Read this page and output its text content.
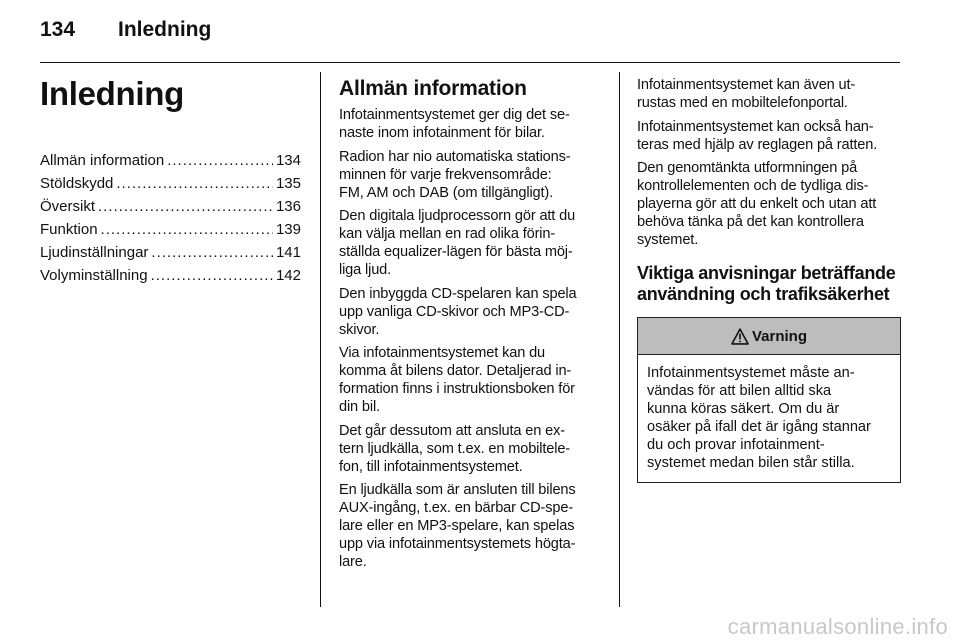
134 Inledning
Inledning
Allmän information .....	134
Stöldskydd .....	135
Översikt .....	136
Funktion .....	139
Ljudinställningar .....	141
Volyminställning .....	142
Allmän information
Infotainmentsystemet ger dig det se-
naste inom infotainment för bilar.
Radion har nio automatiska stations-
minnen för varje frekvensområde:
FM, AM och DAB (om tillgängligt).
Den digitala ljudprocessorn gör att du
kan välja mellan en rad olika förin-
ställda equalizer-lägen för bästa möj-
liga ljud.
Den inbyggda CD-spelaren kan spela
upp vanliga CD-skivor och MP3-CD-
skivor.
Via infotainmentsystemet kan du
komma åt bilens dator. Detaljerad in-
formation finns i instruktionsboken för
din bil.
Det går dessutom att ansluta en ex-
tern ljudkälla, som t.ex. en mobiltele-
fon, till infotainmentsystemet.
En ljudkälla som är ansluten till bilens
AUX-ingång, t.ex. en bärbar CD-spe-
lare eller en MP3-spelare, kan spelas
upp via infotainmentsystemets högta-
lare.
Infotainmentsystemet kan även ut-
rustas med en mobiltelefonportal.
Infotainmentsystemet kan också han-
teras med hjälp av reglagen på ratten.
Den genomtänkta utformningen på
kontrollelementen och de tydliga dis-
playerna gör att du enkelt och utan att
behöva tänka på det kan kontrollera
systemet.
Viktiga anvisningar beträffande
användning och trafiksäkerhet
Varning
Infotainmentsystemet måste an-
vändas för att bilen alltid ska
kunna köras säkert. Om du är
osäker på ifall det är igång stannar
du och provar infotainment-
systemet medan bilen står stilla.
carmanualsonline.info
